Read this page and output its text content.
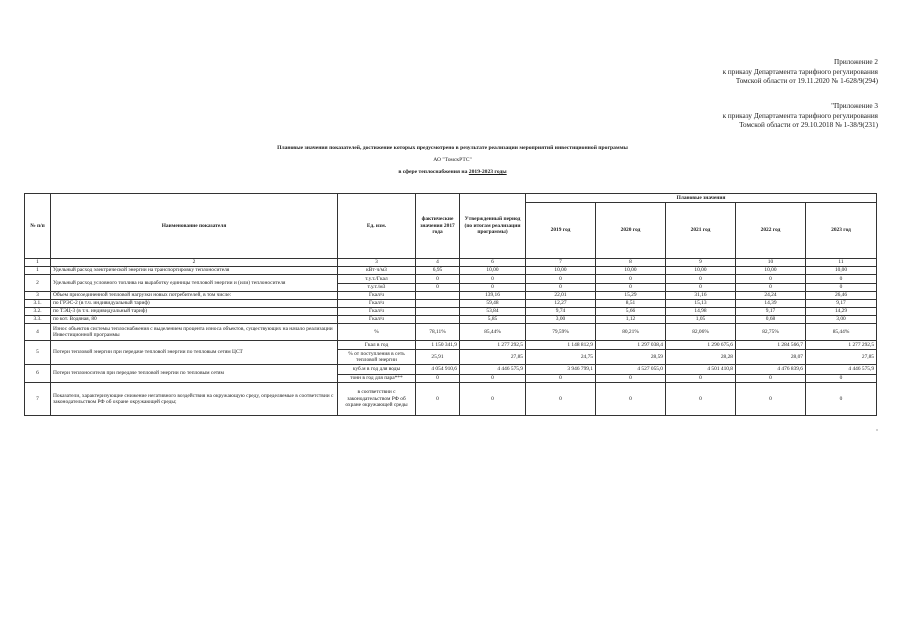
Приложение 2
к приказу Департамента тарифного регулирования
Томской области от 19.11.2020 № 1-628/9(294)
"Приложение 3
к приказу Департамента тарифного регулирования
Томской области от 29.10.2018 № 1-38/9(231)
Плановые значения показателей, достижение которых предусмотрено в результате реализации мероприятий инвестиционной программы
АО "ТомскРТС"
в сфере теплоснабжения на 2019-2023 годы
№ п/п	Наименование показателя	Ед. изм.	фактические значения 2017 года	Утвержденный период (по итогам реализации программы)	Плановые значения				
					2019 год	2020 год	2021 год	2022 год	2023 год
1	2	3	4	6	7	8	9	10	11
1	Удельный расход электрической энергии на транспортировку теплоносителя	кВт·ч/м3	6,95	10,00	10,00	10,00	10,00	10,00	10,00
2	Удельный расход условного топлива на выработку единицы тепловой энергии и (или) теплоносителя	т.у.т./Гкал	0	0	0	0	0	0	0
		т.у.т./м3	0	0	0	0	0	0	0
3	Объем присоединенной тепловой нагрузки новых потребителей, в том числе:	Гкал/ч		139,16	22,01	15,29	31,16	24,24	26,46
3.1.	по ГРЭС-2 (в т.ч. индивидуальный тариф)	Гкал/ч		59,48	12,27	8,51	15,13	14,39	9,17
3.2.	по ТЭЦ-3 (в т.ч. индивидуальный тариф)	Гкал/ч		53,84	9,74	5,66	14,98	9,17	14,29
3.3.	по кот. Водяная, 80	Гкал/ч		5,85	3,00	1,12	1,05	0,68	3,00
4	Износ объектов системы теплоснабжения с выделением процента износа объектов, существующих на начало реализации Инвестиционной программы	%	78,11%	85,44%	79,59%	80,21%	82,06%	82,75%	85,44%
5	Потери тепловой энергии при передаче тепловой энергии по тепловым сетям ЦСТ	Гкал в год	1 150 341,9	1 277 292,5	1 148 812,9	1 297 038,4	1 290 675,6	1 284 566,7	1 277 292,5
		% от поступления в сеть тепловой энергии	25,91	27,85	24,75	28,59	28,28	28,07	27,85
6	Потери теплоносителя при передаче тепловой энергии по тепловым сетям	куб.м в год для воды	4 054 910,6	4 446 575,9	3 946 799,1	4 527 055,0	4 501 410,8	4 476 839,6	4 446 575,9
		тонн в год для пара***	0	0	0	0	0	0	0
7	Показатели, характеризующие снижение негативного воздействия на окружающую среду, определяемые в соответствии с законодательством РФ об охране окружающей среды;	в соответствии с законодательством РФ об охране окружающей среды	0	0	0	0	0	0	0
"
